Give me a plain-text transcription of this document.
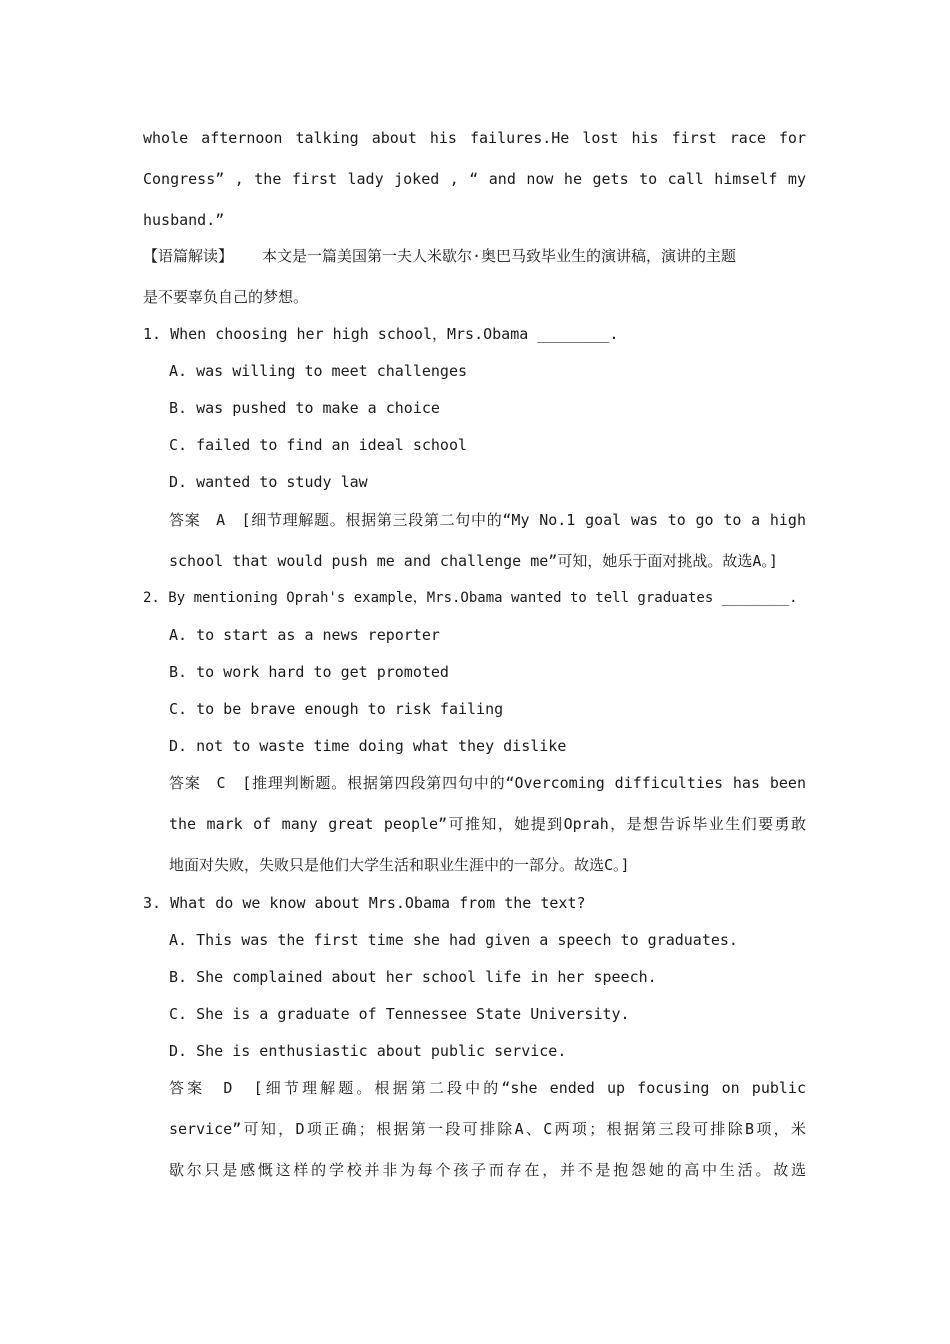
whole afternoon talking about his failures.He lost his first race for
Congress” , the first lady joked , “ and now he gets to call himself my
husband.”
【语篇解读】 本文是一篇美国第一夫人米歇尔·奥巴马致毕业生的演讲稿，演讲的主题
是不要辜负自己的梦想。
1. When choosing her high school，Mrs.Obama ________.
A. was willing to meet challenges
B. was pushed to make a choice
C. failed to find an ideal school
D. wanted to study law
答案　A　[细节理解题。根据第三段第二句中的“My No.1 goal was to go to a high
school that would push me and challenge me”可知，她乐于面对挑战。故选A。]
2. By mentioning Oprah's example，Mrs.Obama wanted to tell graduates ________.
A. to start as a news reporter
B. to work hard to get promoted
C. to be brave enough to risk failing
D. not to waste time doing what they dislike
答案　C　[推理判断题。根据第四段第四句中的“Overcoming difficulties has been
the mark of many great people”可推知，她提到Oprah，是想告诉毕业生们要勇敢
地面对失败，失败只是他们大学生活和职业生涯中的一部分。故选C。]
3. What do we know about Mrs.Obama from the text?
A. This was the first time she had given a speech to graduates.
B. She complained about her school life in her speech.
C. She is a graduate of Tennessee State University.
D. She is enthusiastic about public service.
答案　D　[细节理解题。根据第二段中的“she ended up focusing on public
service”可知，D项正确；根据第一段可排除A、C两项；根据第三段可排除B项，米
歇尔只是感慨这样的学校并非为每个孩子而存在，并不是抱怨她的高中生活。故选
